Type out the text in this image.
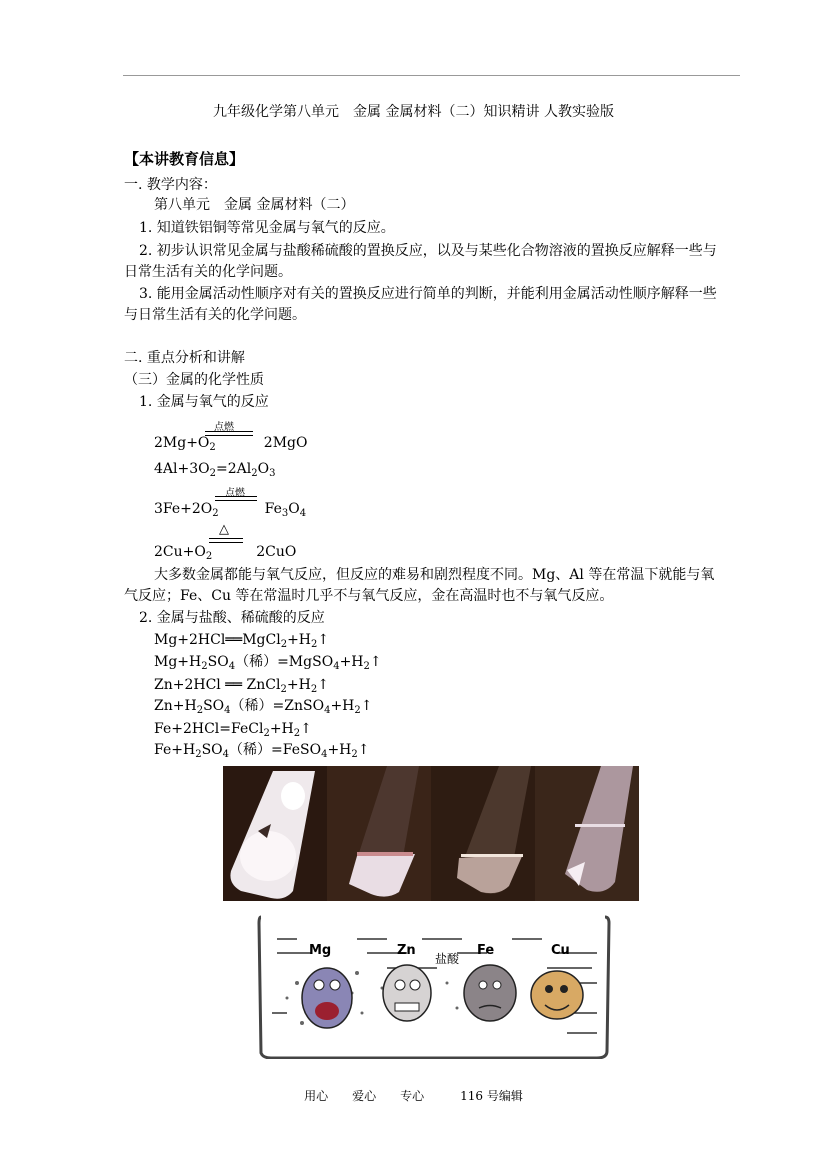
九年级化学第八单元　金属 金属材料（二）知识精讲 人教实验版
【本讲教育信息】
一. 教学内容：
第八单元　金属 金属材料（二）
1. 知道铁铝铜等常见金属与氧气的反应。
2. 初步认识常见金属与盐酸稀硫酸的置换反应，以及与某些化合物溶液的置换反应解释一些与
日常生活有关的化学问题。
3. 能用金属活动性顺序对有关的置换反应进行简单的判断，并能利用金属活动性顺序解释一些
与日常生活有关的化学问题。
二. 重点分析和讲解
（三）金属的化学性质
1. 金属与氧气的反应
点燃
$2Mg+O_2$	2MgO
$4Al+3O_2=2Al_2O_3$
点燃
$3Fe+2O_2$	$Fe_3O_4$
△
$2Cu+O_2$	2CuO
大多数金属都能与氧气反应，但反应的难易和剧烈程度不同。Mg、Al 等在常温下就能与氧
气反应；Fe、Cu 等在常温时几乎不与氧气反应，金在高温时也不与氧气反应。
2. 金属与盐酸、稀硫酸的反应
$Mg+2HCl══MgCl_2+H_2↑$
$Mg+H_2SO_4$（稀）$=MgSO_4+H_2↑$
Zn+2HCl ══ $ZnCl_2+H_2↑$
$Zn+H_2SO_4$（稀）$=ZnSO_4+H_2↑$
$Fe+2HCl=FeCl_2+H_2↑$
$Fe+H_2SO_4$（稀）$=FeSO_4+H_2↑$
Mg	Zn	Fe	Cu
盐酸
用心　　爱心　　专心　　　116 号编辑
